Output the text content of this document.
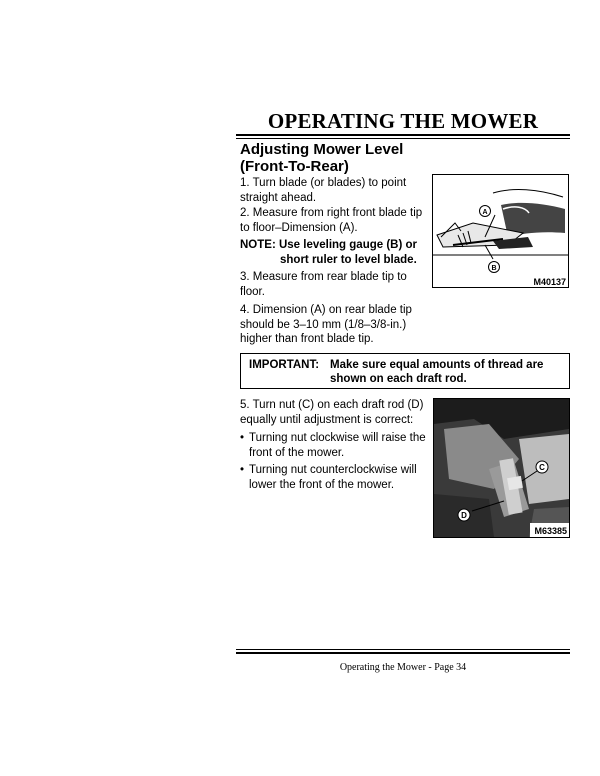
OPERATING THE MOWER
Adjusting Mower Level
(Front-To-Rear)
1. Turn blade (or blades) to point straight ahead.
2. Measure from right front blade tip to floor–Dimension (A).
NOTE: Use leveling gauge (B) or
short ruler to level blade.
3. Measure from rear blade tip to floor.
4. Dimension (A) on rear blade tip should be 3–10 mm (1/8–3/8-in.) higher than front blade tip.
A
B
M40137
IMPORTANT: Make sure equal amounts of thread are shown on each draft rod.
5. Turn nut (C) on each draft rod (D) equally until adjustment is correct:
• Turning nut clockwise will raise the front of the mower.
• Turning nut counterclockwise will lower the front of the mower.
C
D
M63385
Operating the Mower - Page 34
